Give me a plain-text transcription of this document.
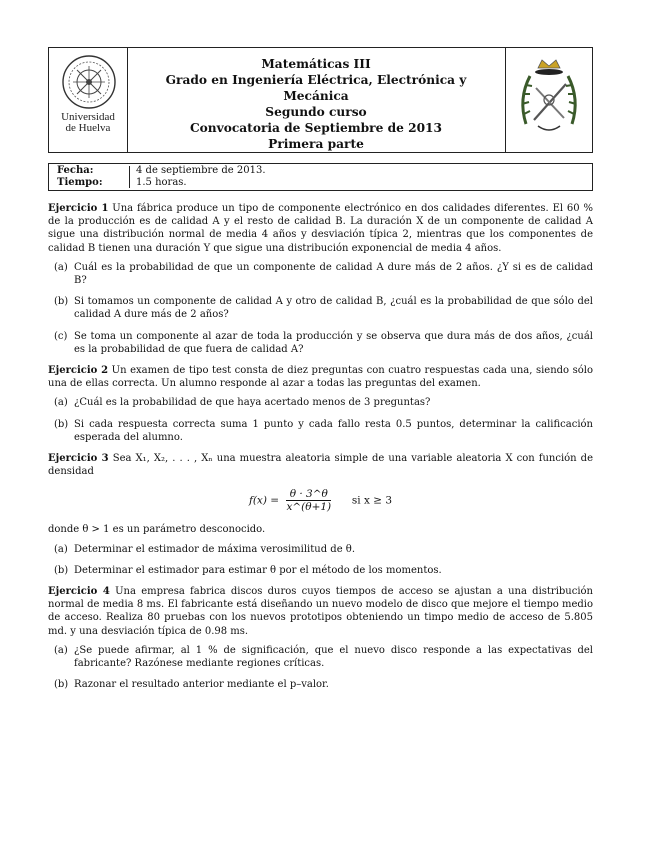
Universidad
de Huelva
Matemáticas III
Grado en Ingeniería Eléctrica, Electrónica y Mecánica
Segundo curso
Convocatoria de Septiembre de 2013
Primera parte
Fecha:	4 de septiembre de 2013.
Tiempo:	1.5 horas.

Ejercicio 1 Una fábrica produce un tipo de componente electrónico en dos calidades diferentes. El 60 % de la producción es de calidad A y el resto de calidad B. La duración X de un componente de calidad A sigue una distribución normal de media 4 años y desviación típica 2, mientras que los componentes de calidad B tienen una duración Y que sigue una distribución exponencial de media 4 años.

(a) Cuál es la probabilidad de que un componente de calidad A dure más de 2 años. ¿Y si es de calidad B?
(b) Si tomamos un componente de calidad A y otro de calidad B, ¿cuál es la probabilidad de que sólo del calidad A dure más de 2 años?
(c) Se toma un componente al azar de toda la producción y se observa que dura más de dos años, ¿cuál es la probabilidad de que fuera de calidad A?

Ejercicio 2 Un examen de tipo test consta de diez preguntas con cuatro respuestas cada una, siendo sólo una de ellas correcta. Un alumno responde al azar a todas las preguntas del examen.

(a) ¿Cuál es la probabilidad de que haya acertado menos de 3 preguntas?
(b) Si cada respuesta correcta suma 1 punto y cada fallo resta 0.5 puntos, determinar la calificación esperada del alumno.

Ejercicio 3 Sea X₁, X₂, . . . , Xₙ una muestra aleatoria simple de una variable aleatoria X con función de densidad

$f(x) = \frac{\theta \cdot 3\^{}\theta}{x\^{}(\theta+1)}$ si x ≥ 3

donde θ > 1 es un parámetro desconocido.

(a) Determinar el estimador de máxima verosimilitud de θ.
(b) Determinar el estimador para estimar θ por el método de los momentos.

Ejercicio 4 Una empresa fabrica discos duros cuyos tiempos de acceso se ajustan a una distribución normal de media 8 ms. El fabricante está diseñando un nuevo modelo de disco que mejore el tiempo medio de acceso. Realiza 80 pruebas con los nuevos prototipos obteniendo un timpo medio de acceso de 5.805 md. y una desviación típica de 0.98 ms.

(a) ¿Se puede afirmar, al 1 % de significación, que el nuevo disco responde a las expectativas del fabricante? Razónese mediante regiones críticas.
(b) Razonar el resultado anterior mediante el p–valor.
